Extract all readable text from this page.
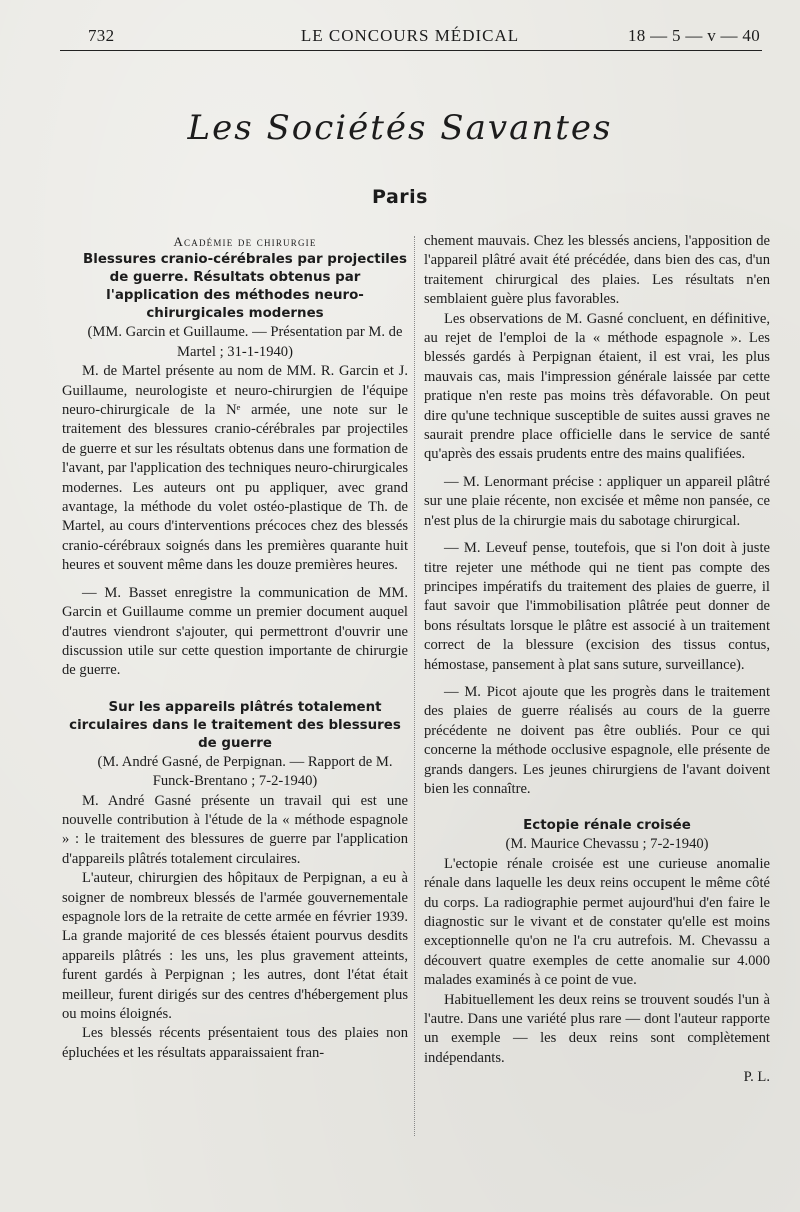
732	LE CONCOURS MÉDICAL	18 — 5 — v — 40
Les Sociétés Savantes
Paris

Académie de chirurgie

Blessures cranio-cérébrales par projectiles de guerre. Résultats obtenus par l'application des méthodes neuro-chirurgicales modernes

(MM. Garcin et Guillaume. — Présentation par M. de Martel ; 31-1-1940)

M. de Martel présente au nom de MM. R. Garcin et J. Guillaume, neurologiste et neuro-chirurgien de l'équipe neuro-chirurgicale de la Nᵉ armée, une note sur le traitement des blessures cranio-cérébrales par projectiles de guerre et sur les résultats obtenus dans une formation de l'avant, par l'application des techniques neuro-chirurgicales modernes. Les auteurs ont pu appliquer, avec grand avantage, la méthode du volet ostéo-plastique de Th. de Martel, au cours d'interventions précoces chez des blessés cranio-cérébraux soignés dans les premières quarante huit heures et souvent même dans les douze premières heures.

— M. Basset enregistre la communication de MM. Garcin et Guillaume comme un premier document auquel d'autres viendront s'ajouter, qui permettront d'ouvrir une discussion utile sur cette question importante de chirurgie de guerre.

Sur les appareils plâtrés totalement circulaires dans le traitement des blessures de guerre

(M. André Gasné, de Perpignan. — Rapport de M. Funck-Brentano ; 7-2-1940)

M. André Gasné présente un travail qui est une nouvelle contribution à l'étude de la « méthode espagnole » : le traitement des blessures de guerre par l'application d'appareils plâtrés totalement circulaires.

L'auteur, chirurgien des hôpitaux de Perpignan, a eu à soigner de nombreux blessés de l'armée gouvernementale espagnole lors de la retraite de cette armée en février 1939. La grande majorité de ces blessés étaient pourvus desdits appareils plâtrés : les uns, les plus gravement atteints, furent gardés à Perpignan ; les autres, dont l'état était meilleur, furent dirigés sur des centres d'hébergement plus ou moins éloignés.

Les blessés récents présentaient tous des plaies non épluchées et les résultats apparaissaient fran-

chement mauvais. Chez les blessés anciens, l'apposition de l'appareil plâtré avait été précédée, dans bien des cas, d'un traitement chirurgical des plaies. Les résultats n'en semblaient guère plus favorables.

Les observations de M. Gasné concluent, en définitive, au rejet de l'emploi de la « méthode espagnole ». Les blessés gardés à Perpignan étaient, il est vrai, les plus mauvais cas, mais l'impression générale laissée par cette pratique n'en reste pas moins très défavorable. On peut dire qu'une technique susceptible de suites aussi graves ne saurait prendre place officielle dans le service de santé qu'après des essais prudents entre des mains qualifiées.

— M. Lenormant précise : appliquer un appareil plâtré sur une plaie récente, non excisée et même non pansée, ce n'est plus de la chirurgie mais du sabotage chirurgical.

— M. Leveuf pense, toutefois, que si l'on doit à juste titre rejeter une méthode qui ne tient pas compte des principes impératifs du traitement des plaies de guerre, il faut savoir que l'immobilisation plâtrée peut donner de bons résultats lorsque le plâtre est associé à un traitement correct de la blessure (excision des tissus contus, hémostase, pansement à plat sans suture, surveillance).

— M. Picot ajoute que les progrès dans le traitement des plaies de guerre réalisés au cours de la guerre précédente ne doivent pas être oubliés. Pour ce qui concerne la méthode occlusive espagnole, elle présente de grands dangers. Les jeunes chirurgiens de l'avant doivent bien les connaître.

Ectopie rénale croisée

(M. Maurice Chevassu ; 7-2-1940)

L'ectopie rénale croisée est une curieuse anomalie rénale dans laquelle les deux reins occupent le même côté du corps. La radiographie permet aujourd'hui d'en faire le diagnostic sur le vivant et de constater qu'elle est moins exceptionnelle qu'on ne l'a cru autrefois. M. Chevassu a découvert quatre exemples de cette anomalie sur 4.000 malades examinés à ce point de vue.

Habituellement les deux reins se trouvent soudés l'un à l'autre. Dans une variété plus rare — dont l'auteur rapporte un exemple — les deux reins sont complètement indépendants.

P. L.
